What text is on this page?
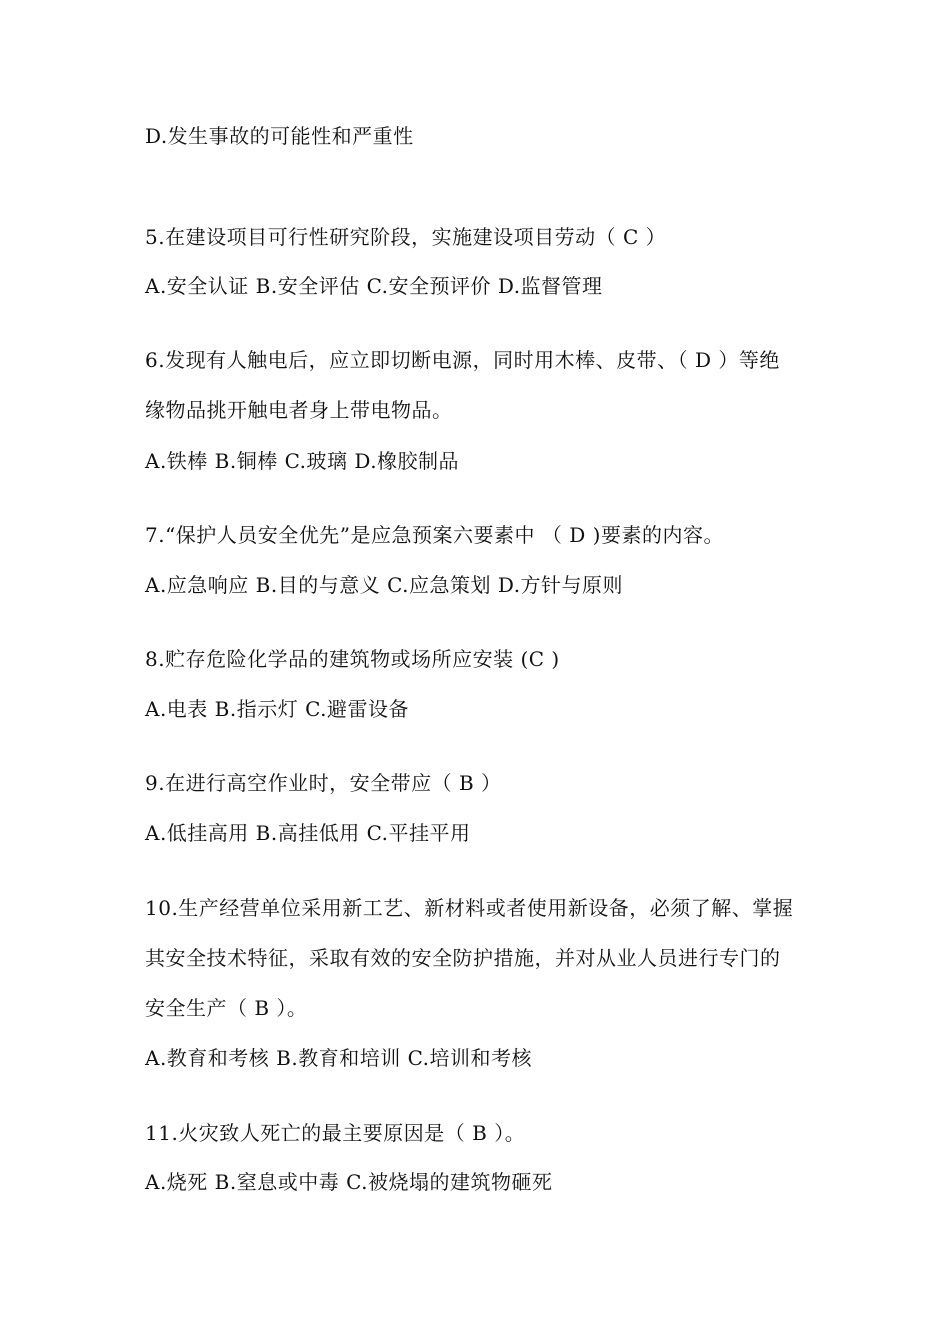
D.发生事故的可能性和严重性
5.在建设项目可行性研究阶段，实施建设项目劳动（ C ）
A.安全认证 B.安全评估 C.安全预评价 D.监督管理
6.发现有人触电后，应立即切断电源，同时用木棒、皮带、（ D ）等绝
缘物品挑开触电者身上带电物品。
A.铁棒 B.铜棒 C.玻璃 D.橡胶制品
7.“保护人员安全优先”是应急预案六要素中 （ D )要素的内容。
A.应急响应 B.目的与意义 C.应急策划 D.方针与原则
8.贮存危险化学品的建筑物或场所应安装 (C )
A.电表 B.指示灯 C.避雷设备
9.在进行高空作业时，安全带应（ B ）
A.低挂高用 B.高挂低用 C.平挂平用
10.生产经营单位采用新工艺、新材料或者使用新设备，必须了解、掌握
其安全技术特征，采取有效的安全防护措施，并对从业人员进行专门的
安全生产（ B ）。
A.教育和考核 B.教育和培训 C.培训和考核
11.火灾致人死亡的最主要原因是（ B ）。
A.烧死 B.窒息或中毒 C.被烧塌的建筑物砸死
